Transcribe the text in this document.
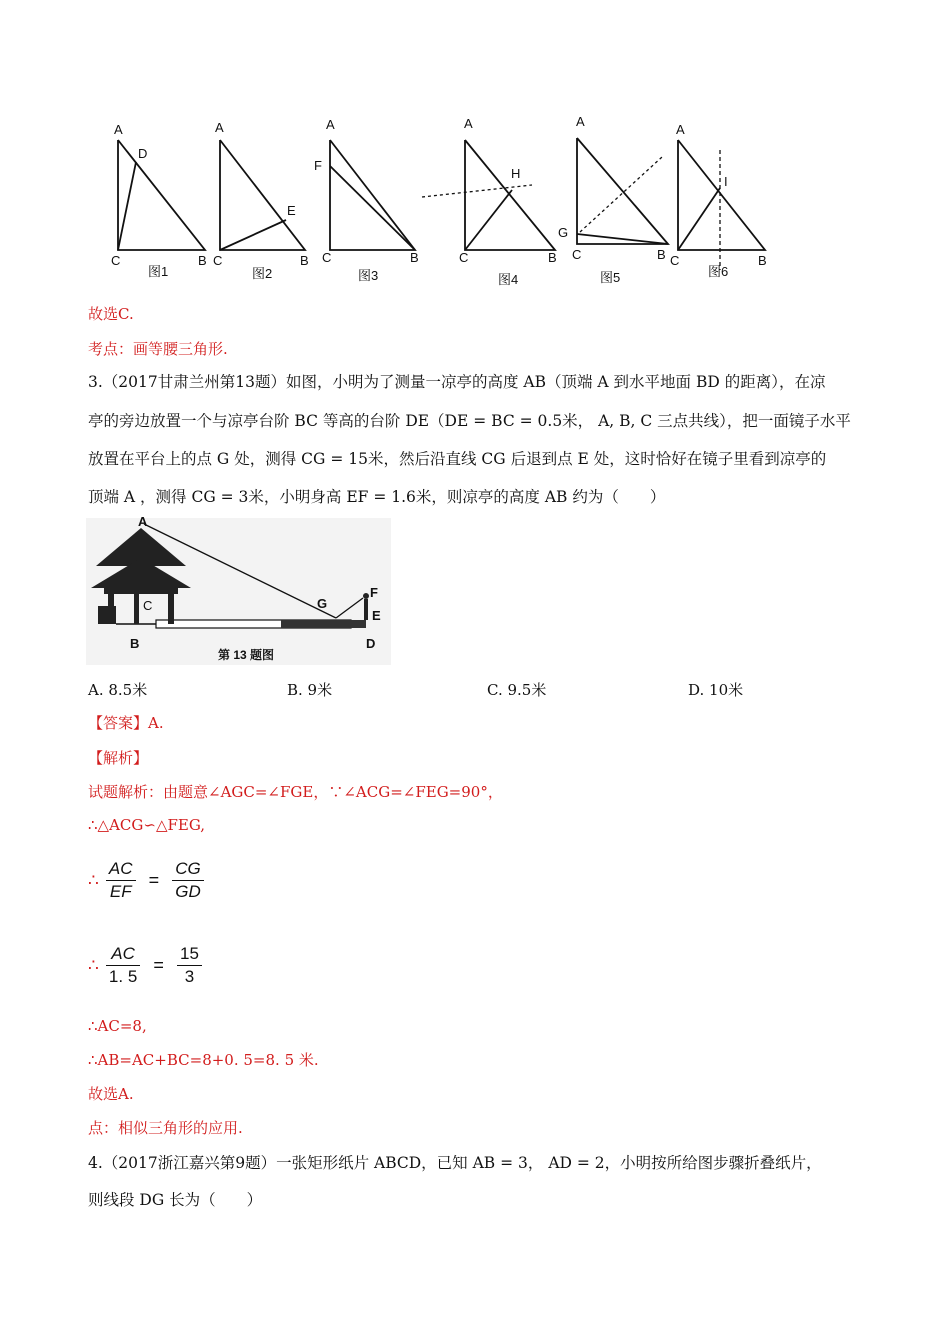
A
D
C	B
图1
A
E
C	B
图2
A
F
C	B
图3
A
H
C	B
图4
A
G
C	B
图5
A
I
C	B
图6
故选C.
考点：画等腰三角形.
3.（2017甘肃兰州第13题）如图，小明为了测量一凉亭的高度 AB（顶端 A 到水平地面 BD 的距离），在凉
亭的旁边放置一个与凉亭台阶 BC 等高的台阶 DE（DE = BC = 0.5米， A, B, C 三点共线），把一面镜子水平
放置在平台上的点 G 处，测得 CG = 15米，然后沿直线 CG 后退到点 E 处，这时恰好在镜子里看到凉亭的
顶端 A ，测得 CG = 3米，小明身高 EF = 1.6米，则凉亭的高度 AB 约为（　　）
A
C	G
F
E
B	D
第 13 题图
A. 8.5米	B. 9米	C. 9.5米	D. 10米
【答案】A.
【解析】
试题解析：由题意∠AGC=∠FGE，∵∠ACG=∠FEG=90°，
∴△ACG∽△FEG,
∴ $\frac{AC}{EF} = \frac{CG}{GD}$
∴ $\frac{AC}{1. 5} = \frac{15}{3}$
∴AC=8,
∴AB=AC+BC=8+0. 5=8. 5 米.
故选A.
点：相似三角形的应用.
4.（2017浙江嘉兴第9题）一张矩形纸片 ABCD，已知 AB = 3， AD = 2，小明按所给图步骤折叠纸片，
则线段 DG 长为（　　）
